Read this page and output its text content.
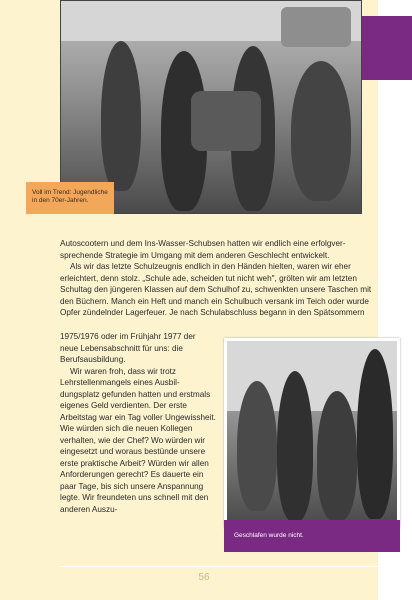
Voll im Trend: Jugendliche in den 70er-Jahren.

Autoscootern und dem Ins-Wasser-Schubsen hatten wir endlich eine erfolgversprechende Strategie im Umgang mit dem anderen Geschlecht entwickelt.

Als wir das letzte Schulzeugnis endlich in den Händen hielten, waren wir eher erleichtert, denn stolz. „Schule ade, scheiden tut nicht weh", grölten wir am letzten Schultag den jüngeren Klassen auf dem Schulhof zu, schwenkten unsere Taschen mit den Büchern. Manch ein Heft und manch ein Schulbuch versank im Teich oder wurde Opfer zündelnder Lagerfeuer. Je nach Schulabschluss begann in den Spätsommern

1975/1976 oder im Frühjahr 1977 der neue Lebensabschnitt für uns: die Berufsausbildung.

Wir waren froh, dass wir trotz Lehrstellenmangels eines Ausbildungsplatz gefunden hatten und erstmals eigenes Geld verdienten. Der erste Arbeitstag war ein Tag voller Ungewissheit. Wie würden sich die neuen Kollegen verhalten, wie der Chef? Wo würden wir eingesetzt und woraus bestünde unsere erste praktische Arbeit? Würden wir allen Anforderungen gerecht? Es dauerte ein paar Tage, bis sich unsere Anspannung legte. Wir freundeten uns schnell mit den anderen Auszu-

Geschlafen wurde nicht.
56
